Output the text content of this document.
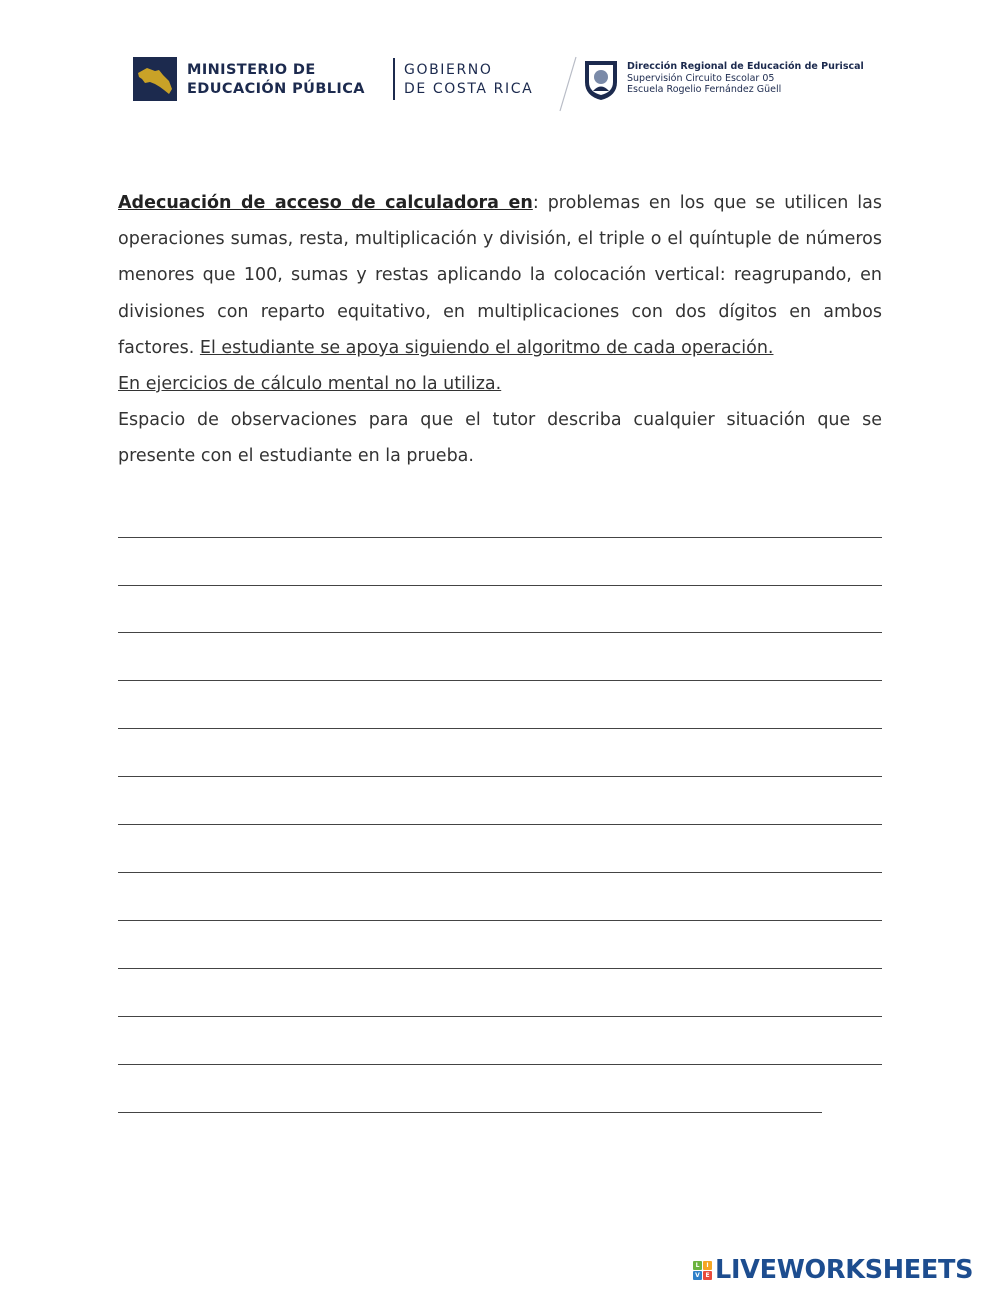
MINISTERIO DE
EDUCACIÓN PÚBLICA
GOBIERNO
DE COSTA RICA
Dirección Regional de Educación de Puriscal
Supervisión Circuito Escolar 05
Escuela Rogelio Fernández Güell

Adecuación de acceso de calculadora en: problemas en los que se utilicen las operaciones sumas, resta, multiplicación y división, el triple o el quíntuple de números menores que 100, sumas y restas aplicando la colocación vertical: reagrupando, en divisiones con reparto equitativo, en multiplicaciones con dos dígitos en ambos factores. El estudiante se apoya siguiendo el algoritmo de cada operación.

En ejercicios de cálculo mental no la utiliza.

Espacio de observaciones para que el tutor describa cualquier situación que se presente con el estudiante en la prueba.

L	I
V E LIVEWORKSHEETS
